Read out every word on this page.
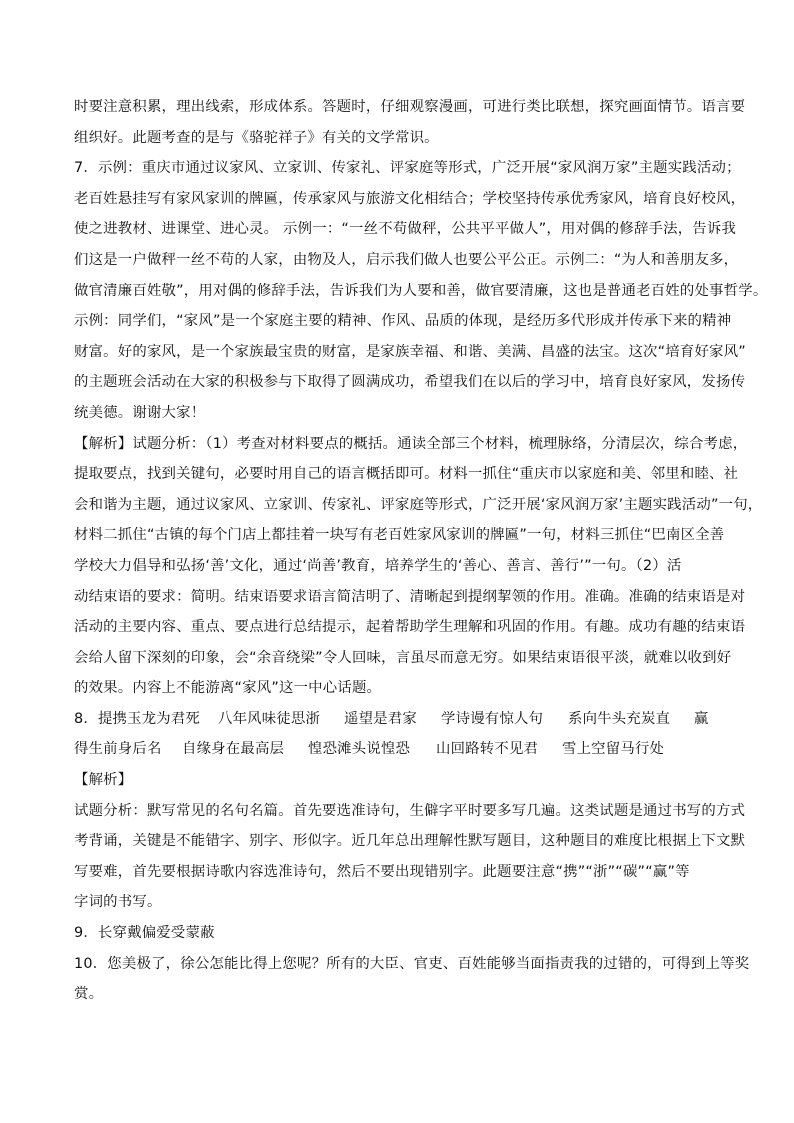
时要注意积累，理出线索，形成体系。答题时，仔细观察漫画，可进行类比联想，探究画面情节。语言要
组织好。此题考查的是与《骆驼祥子》有关的文学常识。
7．示例：重庆市通过议家风、立家训、传家礼、评家庭等形式，广泛开展“家风润万家”主题实践活动；
老百姓悬挂写有家风家训的牌匾，传承家风与旅游文化相结合；学校坚持传承优秀家风，培育良好校风，
使之进教材、进课堂、进心灵。 示例一：“一丝不苟做秤，公共平平做人”，用对偶的修辞手法，告诉我
们这是一户做秤一丝不苟的人家，由物及人，启示我们做人也要公平公正。示例二：“为人和善朋友多，
做官清廉百姓敬”，用对偶的修辞手法，告诉我们为人要和善，做官要清廉，这也是普通老百姓的处事哲学。
示例：同学们，“家风”是一个家庭主要的精神、作风、品质的体现，是经历多代形成并传承下来的精神
财富。好的家风，是一个家族最宝贵的财富，是家族幸福、和谐、美满、昌盛的法宝。这次“培育好家风”
的主题班会活动在大家的积极参与下取得了圆满成功，希望我们在以后的学习中，培育良好家风，发扬传
统美德。谢谢大家！
【解析】试题分析：（1）考查对材料要点的概括。通读全部三个材料，梳理脉络，分清层次，综合考虑，
提取要点，找到关键句，必要时用自己的语言概括即可。材料一抓住“重庆市以家庭和美、邻里和睦、社
会和谐为主题，通过议家风、立家训、传家礼、评家庭等形式，广泛开展‘家风润万家’主题实践活动”一句，
材料二抓住“古镇的每个门店上都挂着一块写有老百姓家风家训的牌匾”一句，材料三抓住“巴南区全善
学校大力倡导和弘扬‘善’文化，通过‘尚善’教育，培养学生的‘善心、善言、善行’”一句。（2）活
动结束语的要求：简明。结束语要求语言简洁明了、清晰起到提纲挈领的作用。准确。准确的结束语是对
活动的主要内容、重点、要点进行总结提示，起着帮助学生理解和巩固的作用。有趣。成功有趣的结束语
会给人留下深刻的印象，会“余音绕梁”令人回味，言虽尽而意无穷。如果结束语很平淡，就难以收到好
的效果。内容上不能游离“家风”这一中心话题。
8．提携玉龙为君死 八年风味徒思浙 遥望是君家 学诗谩有惊人句 系向牛头充炭直 赢
得生前身后名 自缘身在最高层 惶恐滩头说惶恐 山回路转不见君 雪上空留马行处
【解析】
试题分析：默写常见的名句名篇。首先要选准诗句，生僻字平时要多写几遍。这类试题是通过书写的方式
考背诵，关键是不能错字、别字、形似字。近几年总出理解性默写题目，这种题目的难度比根据上下文默
写要难，首先要根据诗歌内容选准诗句，然后不要出现错别字。此题要注意“携”“浙”“碳”“赢”等
字词的书写。
9．长穿戴偏爱受蒙蔽
10．您美极了，徐公怎能比得上您呢？所有的大臣、官吏、百姓能够当面指责我的过错的，可得到上等奖
赏。
